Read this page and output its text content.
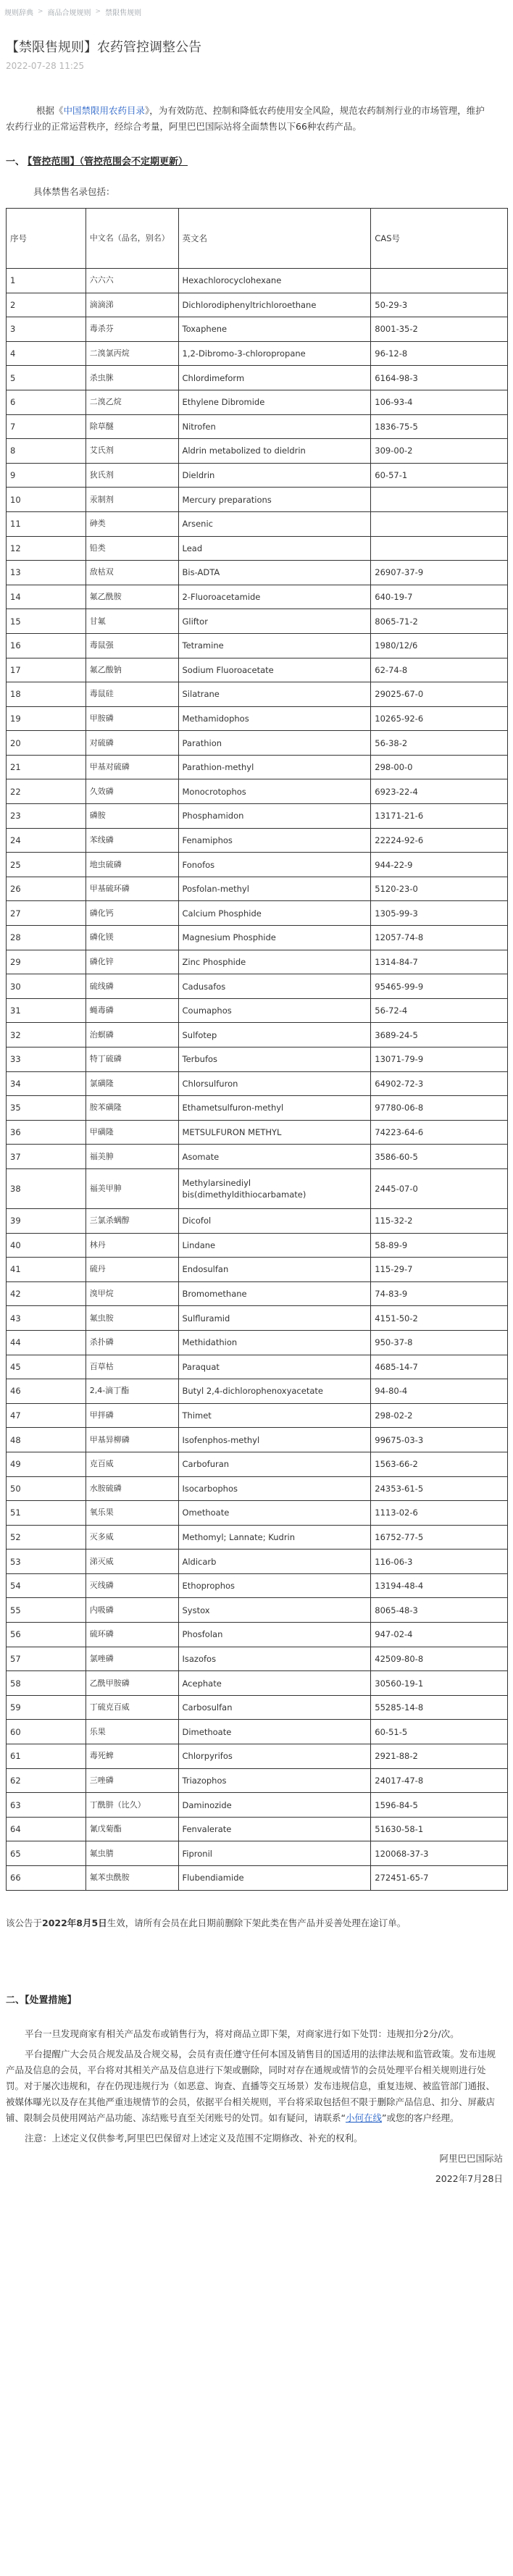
规则辞典 > 商品合规规则 > 禁限售规则
【禁限售规则】农药管控调整公告
2022-07-28 11:25

根据《中国禁限用农药目录》，为有效防范、控制和降低农药使用安全风险，规范农药制剂行业的市场管理，维护农药行业的正常运营秩序，经综合考量，阿里巴巴国际站将全面禁售以下66种农药产品。

一、 【管控范围】（管控范围会不定期更新）
具体禁售名录包括：
序号	中文名（品名，别名）	英文名	CAS号
1	六六六	Hexachlorocyclohexane	
2	滴滴涕	Dichlorodiphenyltrichloroethane	50-29-3
3	毒杀芬	Toxaphene	8001-35-2
4	二溴氯丙烷	1,2-Dibromo-3-chloropropane	96-12-8
5	杀虫脒	Chlordimeform	6164-98-3
6	二溴乙烷	Ethylene Dibromide	106-93-4
7	除草醚	Nitrofen	1836-75-5
8	艾氏剂	Aldrin metabolized to dieldrin	309-00-2
9	狄氏剂	Dieldrin	60-57-1
10	汞制剂	Mercury preparations	
11	砷类	Arsenic	
12	铅类	Lead	
13	敌枯双	Bis-ADTA	26907-37-9
14	氟乙酰胺	2-Fluoroacetamide	640-19-7
15	甘氟	Gliftor	8065-71-2
16	毒鼠强	Tetramine	1980/12/6
17	氟乙酸钠	Sodium Fluoroacetate	62-74-8
18	毒鼠硅	Silatrane	29025-67-0
19	甲胺磷	Methamidophos	10265-92-6
20	对硫磷	Parathion	56-38-2
21	甲基对硫磷	Parathion-methyl	298-00-0
22	久效磷	Monocrotophos	6923-22-4
23	磷胺	Phosphamidon	13171-21-6
24	苯线磷	Fenamiphos	22224-92-6
25	地虫硫磷	Fonofos	944-22-9
26	甲基硫环磷	Posfolan-methyl	5120-23-0
27	磷化钙	Calcium Phosphide	1305-99-3
28	磷化镁	Magnesium Phosphide	12057-74-8
29	磷化锌	Zinc Phosphide	1314-84-7
30	硫线磷	Cadusafos	95465-99-9
31	蝇毒磷	Coumaphos	56-72-4
32	治螟磷	Sulfotep	3689-24-5
33	特丁硫磷	Terbufos	13071-79-9
34	氯磺隆	Chlorsulfuron	64902-72-3
35	胺苯磺隆	Ethametsulfuron-methyl	97780-06-8
36	甲磺隆	METSULFURON METHYL	74223-64-6
37	福美胂	Asomate	3586-60-5
38	福美甲胂	Methylarsinediyl bis(dimethyldithiocarbamate)	2445-07-0
39	三氯杀螨醇	Dicofol	115-32-2
40	林丹	Lindane	58-89-9
41	硫丹	Endosulfan	115-29-7
42	溴甲烷	Bromomethane	74-83-9
43	氟虫胺	Sulfluramid	4151-50-2
44	杀扑磷	Methidathion	950-37-8
45	百草枯	Paraquat	4685-14-7
46	2,4-滴丁酯	Butyl 2,4-dichlorophenoxyacetate	94-80-4
47	甲拌磷	Thimet	298-02-2
48	甲基异柳磷	Isofenphos-methyl	99675-03-3
49	克百威	Carbofuran	1563-66-2
50	水胺硫磷	Isocarbophos	24353-61-5
51	氧乐果	Omethoate	1113-02-6
52	灭多威	Methomyl; Lannate; Kudrin	16752-77-5
53	涕灭威	Aldicarb	116-06-3
54	灭线磷	Ethoprophos	13194-48-4
55	内吸磷	Systox	8065-48-3
56	硫环磷	Phosfolan	947-02-4
57	氯唑磷	Isazofos	42509-80-8
58	乙酰甲胺磷	Acephate	30560-19-1
59	丁硫克百威	Carbosulfan	55285-14-8
60	乐果	Dimethoate	60-51-5
61	毒死蜱	Chlorpyrifos	2921-88-2
62	三唑磷	Triazophos	24017-47-8
63	丁酰肼（比久）	Daminozide	1596-84-5
64	氰戊菊酯	Fenvalerate	51630-58-1
65	氟虫腈	Fipronil	120068-37-3
66	氟苯虫酰胺	Flubendiamide	272451-65-7

该公告于2022年8月5日生效，请所有会员在此日期前删除下架此类在售产品并妥善处理在途订单。

二、【处置措施】

平台一旦发现商家有相关产品发布或销售行为，将对商品立即下架，对商家进行如下处罚：违规扣分2分/次。

平台提醒广大会员合规发品及合规交易，会员有责任遵守任何本国及销售目的国适用的法律法规和监管政策。发布违规产品及信息的会员，平台将对其相关产品及信息进行下架或删除，同时对存在通规或情节的会员处理平台相关规则进行处罚。对于屡次违规和，存在仍现违规行为（如恶意、询查、直播等交互场景）发布违规信息，重复违规、被监管部门通报、被媒体曝光以及存在其他严重违规情节的会员，依据平台相关规则，平台将采取包括但不限于删除产品信息、扣分、屏蔽店铺、限制会员使用网站产品功能、冻结账号直至关闭账号的处罚。如有疑问，请联系“小何在线”或您的客户经理。

注意：上述定义仅供参考,阿里巴巴保留对上述定义及范围不定期修改、补充的权利。

阿里巴巴国际站
2022年7月28日
